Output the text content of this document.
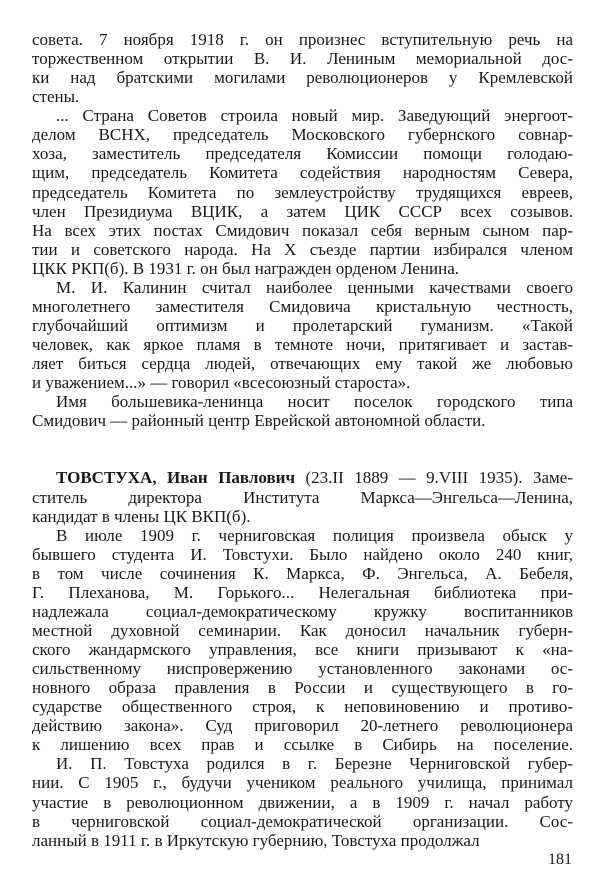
совета. 7 ноября 1918 г. он произнес вступительную речь на
торжественном открытии В. И. Лениным мемориальной дос-
ки над братскими могилами революционеров у Кремлевской
стены.
... Страна Советов строила новый мир. Заведующий энергоот-
делом ВСНХ, председатель Московского губернского совнар-
хоза, заместитель председателя Комиссии помощи голодаю-
щим, председатель Комитета содействия народностям Севера,
председатель Комитета по землеустройству трудящихся евреев,
член Президиума ВЦИК, а затем ЦИК СССР всех созывов.
На всех этих постах Смидович показал себя верным сыном пар-
тии и советского народа. На X съезде партии избирался членом
ЦКК РКП(б). В 1931 г. он был награжден орденом Ленина.
М. И. Калинин считал наиболее ценными качествами своего
многолетнего заместителя Смидовича кристальную честность,
глубочайший оптимизм и пролетарский гуманизм. «Такой
человек, как яркое пламя в темноте ночи, притягивает и застав-
ляет биться сердца людей, отвечающих ему такой же любовью
и уважением...» — говорил «всесоюзный староста».
Имя большевика-ленинца носит поселок городского типа
Смидович — районный центр Еврейской автономной области.
ТОВСТУХА, Иван Павлович (23.II 1889 — 9.VIII 1935). Заме-
ститель директора Института Маркса—Энгельса—Ленина,
кандидат в члены ЦК ВКП(б).
В июле 1909 г. черниговская полиция произвела обыск у
бывшего студента И. Товстухи. Было найдено около 240 книг,
в том числе сочинения К. Маркса, Ф. Энгельса, А. Бебеля,
Г. Плеханова, М. Горького... Нелегальная библиотека при-
надлежала социал-демократическому кружку воспитанников
местной духовной семинарии. Как доносил начальник губерн-
ского жандармского управления, все книги призывают к «на-
сильственному ниспровержению установленного законами ос-
новного образа правления в России и существующего в го-
сударстве общественного строя, к неповиновению и противо-
действию закона». Суд приговорил 20-летнего революционера
к лишению всех прав и ссылке в Сибирь на поселение.
И. П. Товстуха родился в г. Березне Черниговской губер-
нии. С 1905 г., будучи учеником реального училища, принимал
участие в революционном движении, а в 1909 г. начал работу
в черниговской социал-демократической организации. Сос-
ланный в 1911 г. в Иркутскую губернию, Товстуха продолжал
181
